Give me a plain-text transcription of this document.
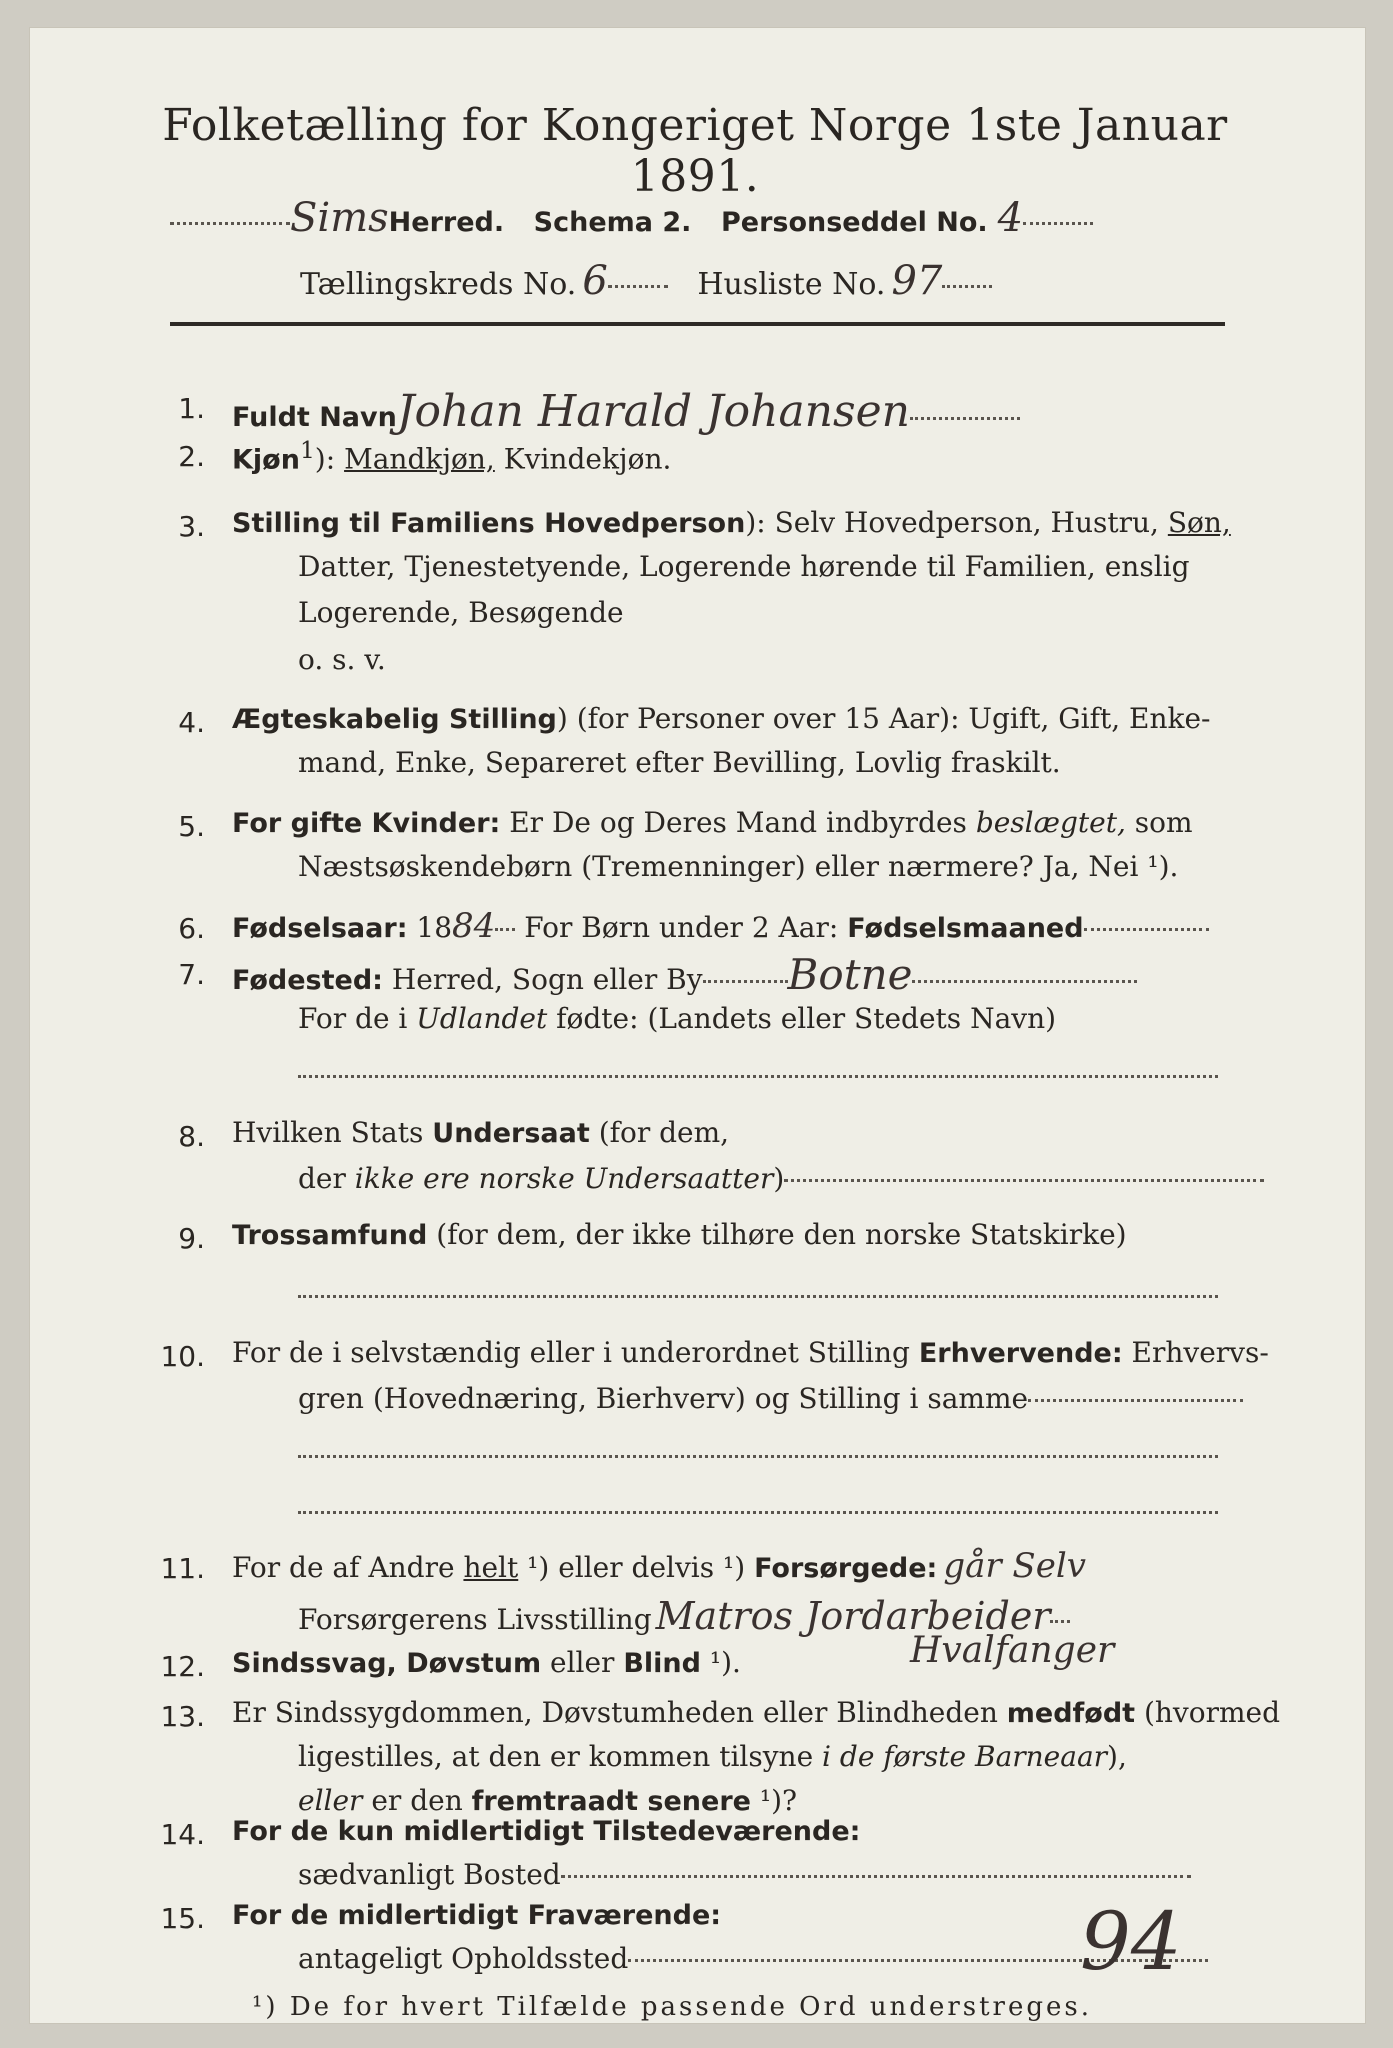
Folketælling for Kongeriget Norge 1ste Januar 1891.
SimsHerred. Schema 2. Personseddel No. 4
Tællingskreds No. 6	Husliste No. 97
1. Fuldt NavnJohan Harald Johansen
2. Kjøn$^1$): Mandkjøn, Kvindekjøn.
3. Stilling til Familiens Hovedperson): Selv Hovedperson, Hustru, Søn,
Datter, Tjenestetyende, Logerende hørende til Familien, enslig
Logerende, Besøgende
o. s. v.
4. Ægteskabelig Stilling) (for Personer over 15 Aar): Ugift, Gift, Enke-
mand, Enke, Separeret efter Bevilling, Lovlig fraskilt.
5. For gifte Kvinder: Er De og Deres Mand indbyrdes beslægtet, som
Næstsøskendebørn (Tremenninger) eller nærmere? Ja, Nei ¹).
6. Fødselsaar: 1884 For Børn under 2 Aar: Fødselsmaaned
7. Fødested: Herred, Sogn eller By Botne
For de i Udlandet fødte: (Landets eller Stedets Navn)
8. Hvilken Stats Undersaat (for dem,
der ikke ere norske Undersaatter)
9. Trossamfund (for dem, der ikke tilhøre den norske Statskirke)
10. For de i selvstændig eller i underordnet Stilling Erhvervende: Erhvervs-
gren (Hovednæring, Bierhverv) og Stilling i samme
11. For de af Andre helt ¹) eller delvis ¹) Forsørgede: går Selv
Forsørgerens Livsstilling Matros Jordarbeider
Hvalfanger
12. Sindssvag, Døvstum eller Blind ¹).
13. Er Sindssygdommen, Døvstumheden eller Blindheden medfødt (hvormed
ligestilles, at den er kommen tilsyne i de første Barneaar),
eller er den fremtraadt senere ¹)?
14. For de kun midlertidigt Tilstedeværende:
sædvanligt Bosted
15. For de midlertidigt Fraværende:
antageligt Opholdssted
¹) De for hvert Tilfælde passende Ord understreges.
94
